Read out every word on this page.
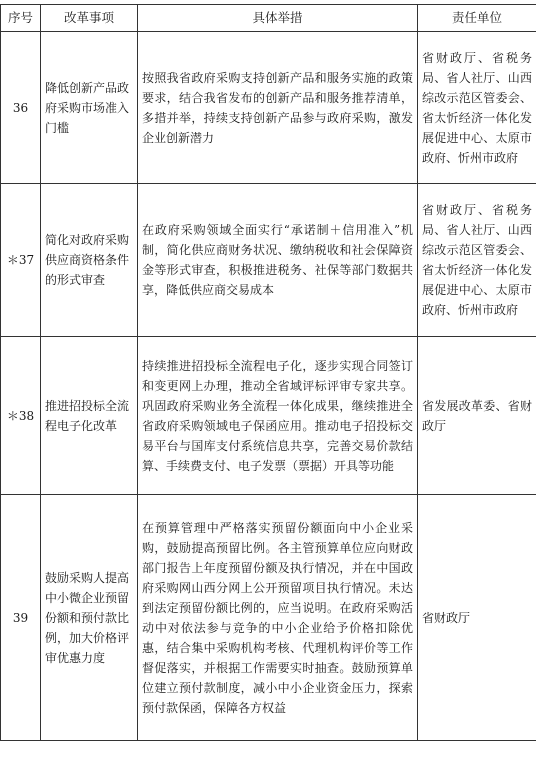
序号	改革事项	具体举措	责任单位
36	降低创新产品政府采购市场准入门槛	按照我省政府采购支持创新产品和服务实施的政策要求，结合我省发布的创新产品和服务推荐清单，多措并举，持续支持创新产品参与政府采购，激发企业创新潜力	省财政厅、省税务局、省人社厅、山西综改示范区管委会、省太忻经济一体化发展促进中心、太原市政府、忻州市政府
＊37	简化对政府采购供应商资格条件的形式审查	在政府采购领域全面实行“承诺制＋信用准入”机制，简化供应商财务状况、缴纳税收和社会保障资金等形式审查，积极推进税务、社保等部门数据共享，降低供应商交易成本	省财政厅、省税务局、省人社厅、山西综改示范区管委会、省太忻经济一体化发展促进中心、太原市政府、忻州市政府
＊38	推进招投标全流程电子化改革	持续推进招投标全流程电子化，逐步实现合同签订和变更网上办理，推动全省域评标评审专家共享。巩固政府采购业务全流程一体化成果，继续推进全省政府采购领域电子保函应用。推动电子招投标交易平台与国库支付系统信息共享，完善交易价款结算、手续费支付、电子发票（票据）开具等功能	省发展改革委、省财政厅
39	鼓励采购人提高中小微企业预留份额和预付款比例，加大价格评审优惠力度	在预算管理中严格落实预留份额面向中小企业采购，鼓励提高预留比例。各主管预算单位应向财政部门报告上年度预留份额及执行情况，并在中国政府采购网山西分网上公开预留项目执行情况。未达到法定预留份额比例的，应当说明。在政府采购活动中对依法参与竞争的中小企业给予价格扣除优惠，结合集中采购机构考核、代理机构评价等工作督促落实，并根据工作需要实时抽查。鼓励预算单位建立预付款制度，减小中小企业资金压力，探索预付款保函，保障各方权益	省财政厅
